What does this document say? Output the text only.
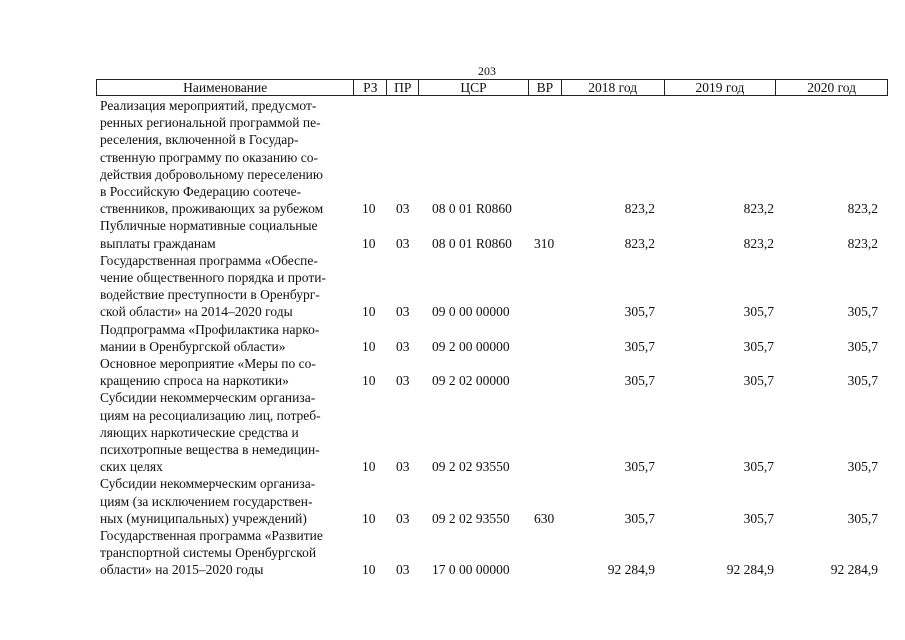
203
Наименование	РЗ	ПР	ЦСР	ВР	2018 год	2019 год	2020 год
Реализация мероприятий, предусмот-
ренных региональной программой пе-
реселения, включенной в Государ-
ственную программу по оказанию со-
действия добровольному переселению
в Российскую Федерацию соотече-
ственников, проживающих за рубежом	10 03 08 0 01 R0860	823,2	823,2	823,2
Публичные нормативные социальные
выплаты гражданам	10 03 08 0 01 R0860 310	823,2	823,2	823,2
Государственная программа «Обеспе-
чение общественного порядка и проти-
водействие преступности в Оренбург-
ской области» на 2014–2020 годы	10 03 09 0 00 00000	305,7	305,7	305,7
Подпрограмма «Профилактика нарко-
мании в Оренбургской области»	10 03 09 2 00 00000	305,7	305,7	305,7
Основное мероприятие «Меры по со-
кращению спроса на наркотики»	10 03 09 2 02 00000	305,7	305,7	305,7
Субсидии некоммерческим организа-
циям на ресоциализацию лиц, потреб-
ляющих наркотические средства и
психотропные вещества в немедицин-
ских целях	10 03 09 2 02 93550	305,7	305,7	305,7
Субсидии некоммерческим организа-
циям (за исключением государствен-
ных (муниципальных) учреждений)	10 03 09 2 02 93550 630	305,7	305,7	305,7
Государственная программа «Развитие
транспортной системы Оренбургской
области» на 2015–2020 годы	10 03 17 0 00 00000	92 284,9	92 284,9	92 284,9
